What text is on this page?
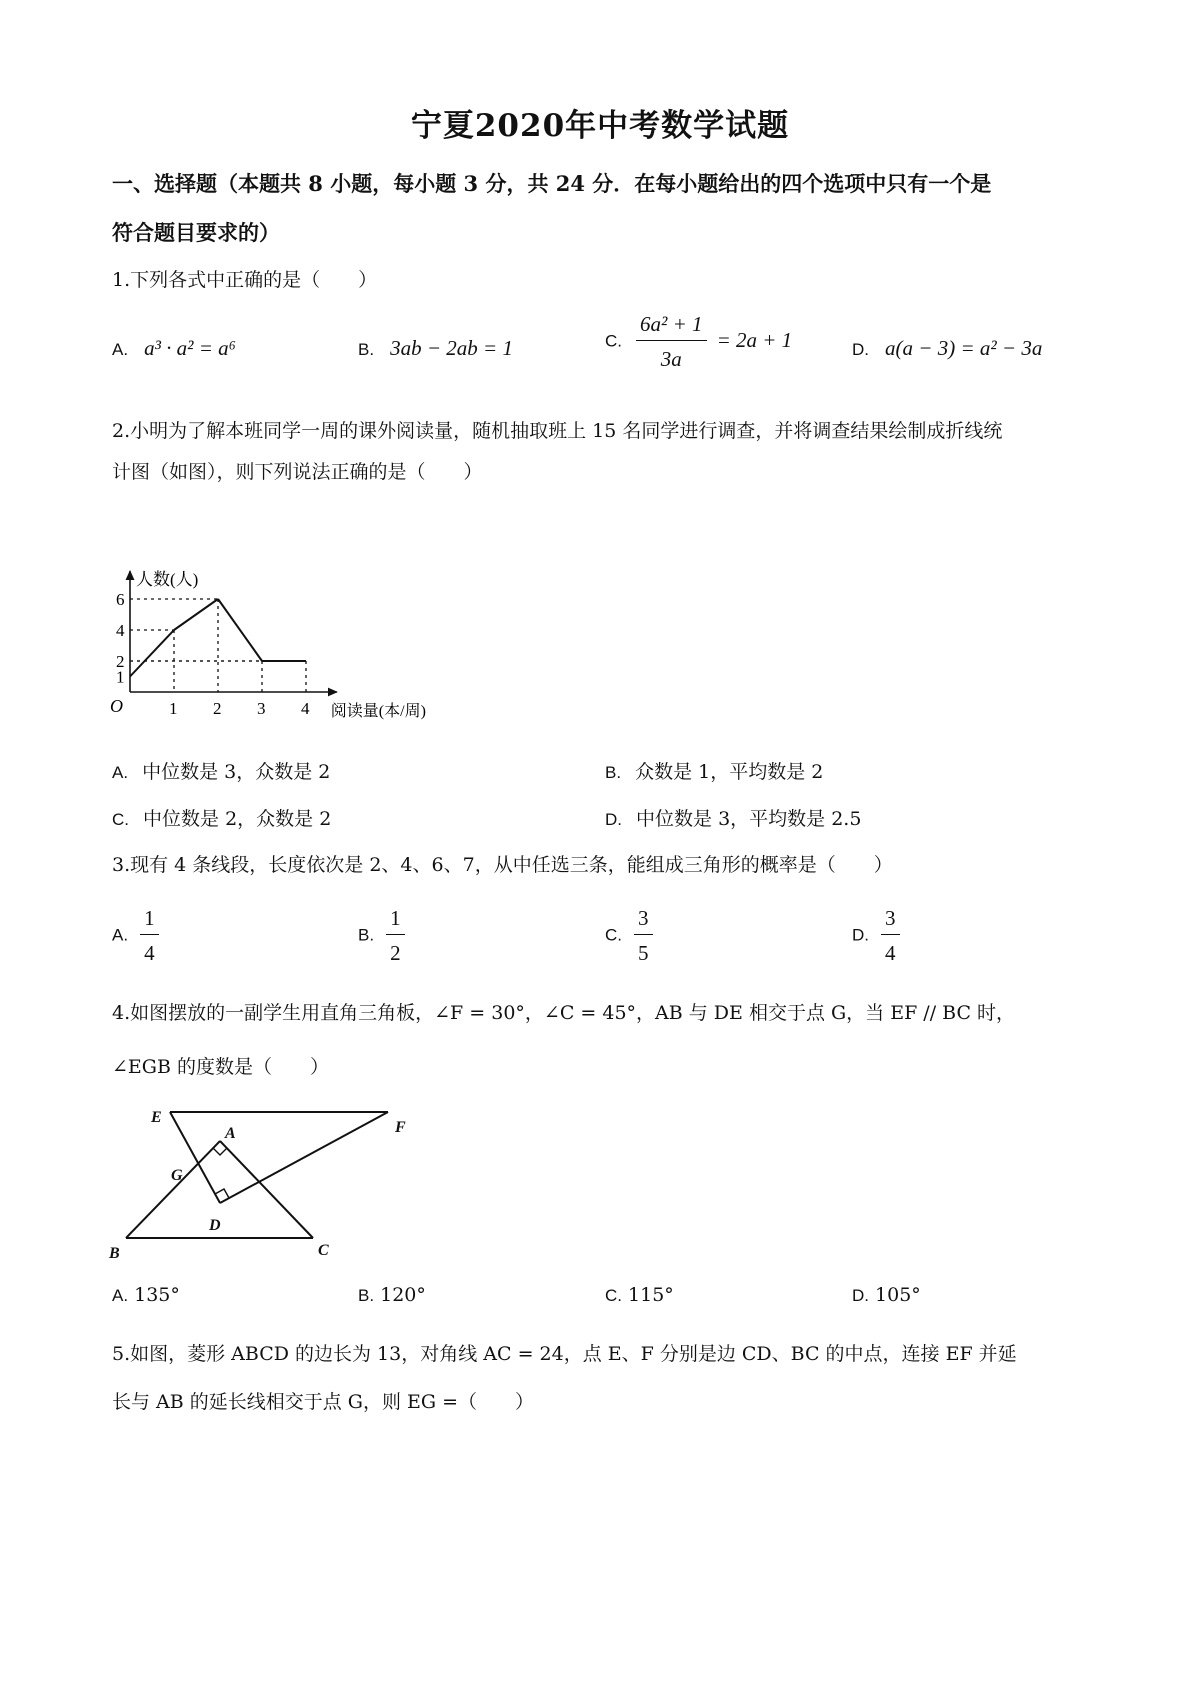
宁夏2020年中考数学试题
一、选择题（本题共 8 小题，每小题 3 分，共 24 分．在每小题给出的四个选项中只有一个是
符合题目要求的）
1.下列各式中正确的是（　　）
A. a³ · a² = a⁶	B. 3ab − 2ab = 1	C. $\frac{\text{6a² + 1}}{3a} = 2a + 1$	D. a(a − 3) = a² − 3a
2.小明为了解本班同学一周的课外阅读量，随机抽取班上 15 名同学进行调查，并将调查结果绘制成折线统
计图（如图），则下列说法正确的是（　　）
人数(人)
阅读量(本/周)
O
1
2
4
6
1 2 3 4
A. 中位数是 3，众数是 2	B. 众数是 1，平均数是 2
C. 中位数是 2，众数是 2	D. 中位数是 3，平均数是 2.5
3.现有 4 条线段，长度依次是 2、4、6、7，从中任选三条，能组成三角形的概率是（　　）
A. $\frac{1}{4}$	B. $\frac{1}{2}$	C. $\frac{3}{5}$	D. $\frac{3}{4}$
4.如图摆放的一副学生用直角三角板，∠F = 30°，∠C = 45°，AB 与 DE 相交于点 G，当 EF // BC 时，
∠EGB 的度数是（　　）
E
A	F
G
D
B	C
A. 135°	B. 120°	C. 115°	D. 105°
5.如图，菱形 ABCD 的边长为 13，对角线 AC = 24，点 E、F 分别是边 CD、BC 的中点，连接 EF 并延
长与 AB 的延长线相交于点 G，则 EG =（　　）
